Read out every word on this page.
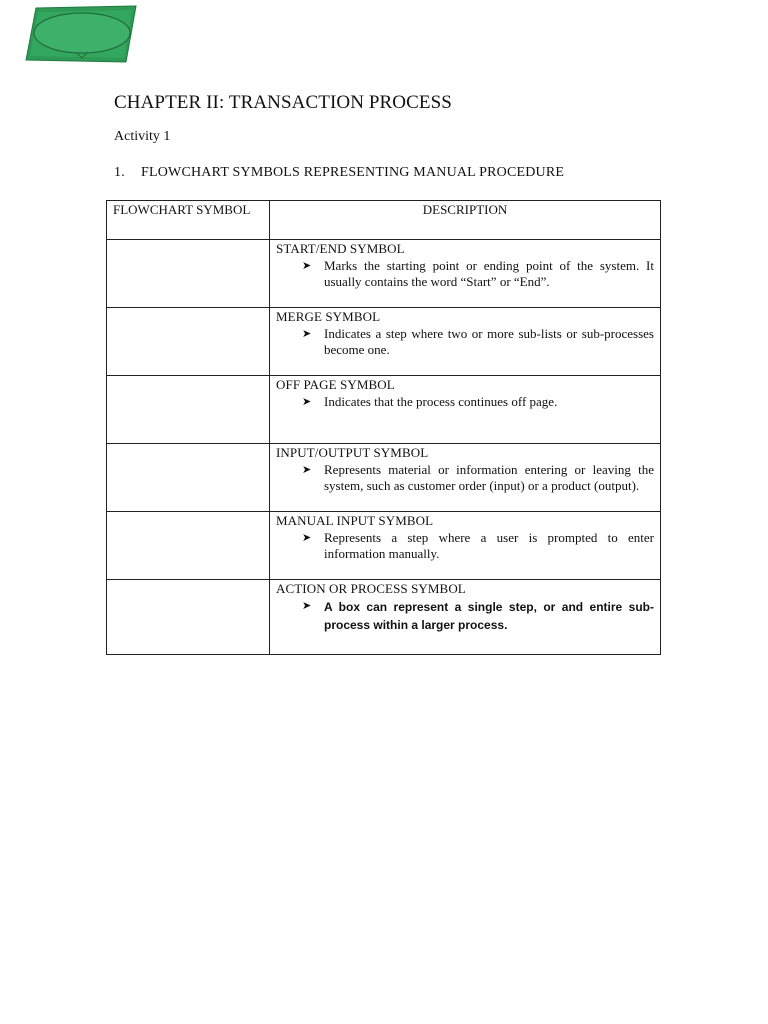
CHAPTER II: TRANSACTION PROCESS
Activity 1
1. FLOWCHART SYMBOLS REPRESENTING MANUAL PROCEDURE
FLOWCHART SYMBOL	DESCRIPTION

	START/END SYMBOL
➤ Marks the starting point or ending point of the system. It usually contains the word “Start” or “End”.

	MERGE SYMBOL
➤ Indicates a step where two or more sub-lists or sub-processes become one.

	OFF PAGE SYMBOL
➤ Indicates that the process continues off page.

	INPUT/OUTPUT SYMBOL
➤ Represents material or information entering or leaving the system, such as customer order (input) or a product (output).

	MANUAL INPUT SYMBOL
➤ Represents a step where a user is prompted to enter information manually.

	ACTION OR PROCESS SYMBOL
➤ A box can represent a single step, or and entire sub-process within a larger process.
